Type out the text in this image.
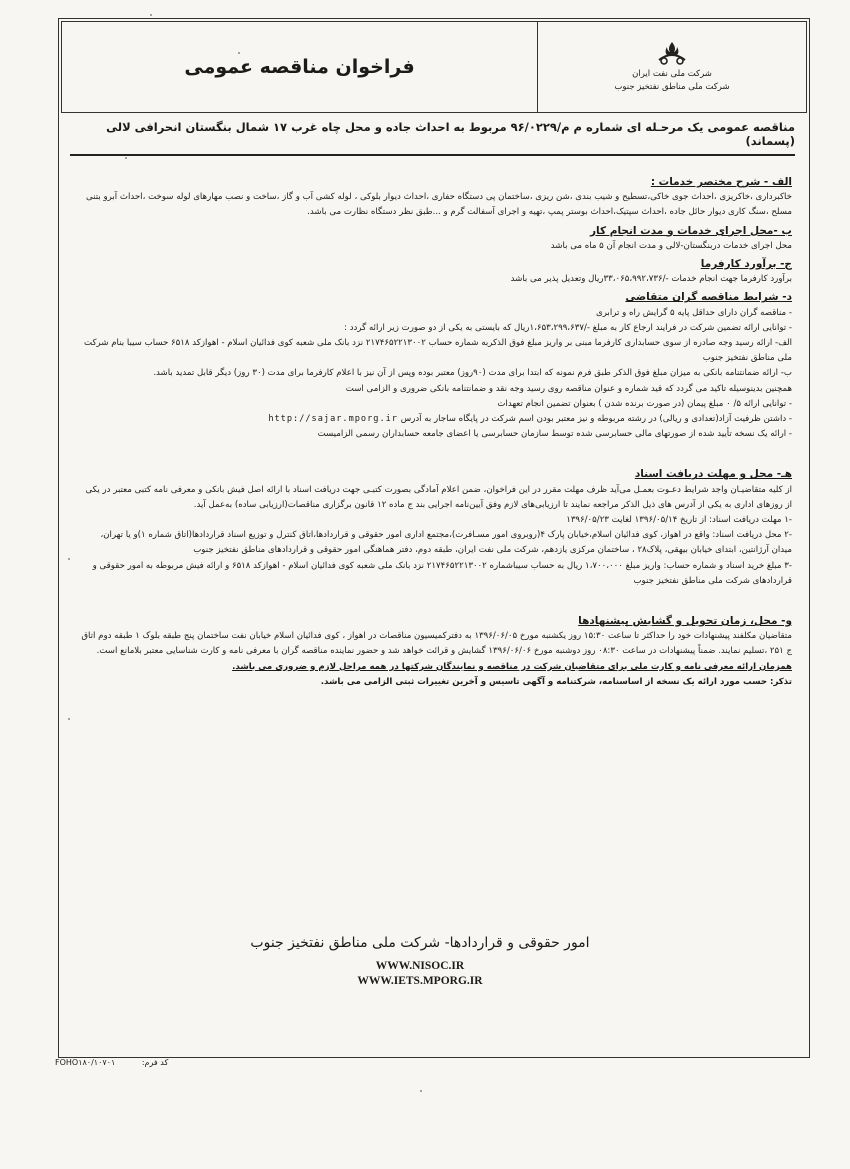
فراخوان مناقصه عمومی	شرکت ملی نفت ایران
شرکت ملی مناطق نفتخیز جنوب
مناقصه عمومی یک مرحـله ای شماره م م/۹۶/۰۲۲۹ مربوط به احداث جاده و محل چاه غرب ۱۷ شمال بنگستان انحرافی لالی (پسماند)
الف - شرح مختصر خدمات :

خاکبرداری ،خاکریزی ،احداث جوی خاکی،تسطیح و شیب بندی ،شن ریزی ،ساختمان پی دستگاه حفاری ،احداث دیوار بلوکی ، لوله کشی آب و گاز ،ساخت و نصب مهارهای لوله سوخت ،احداث آبرو بتنی مسلح ،سنگ کاری دیوار حائل جاده ،احداث سپتیک،احداث بوستر پمپ ،تهیه و اجرای آسفالت گرم و ...طبق نظر دستگاه نظارت می باشد.

ب -محل اجرای خدمات و مدت انجام کار

محل اجرای خدمات دربنگستان-لالی و مدت انجام آن ۵ ماه می باشد

ج- برآورد کارفرما

برآورد کارفرما جهت انجام خدمات -/۳۳،۰۶۵،۹۹۲،۷۳۶ریال وتعدیل پذیر می باشد

د- شرایط مناقصه گران متقاضی

- مناقصه گران دارای حداقل پایه ۵ گرایش راه و ترابری

- توانایی ارائه تضمین شرکت در فرایند ارجاع کار به مبلغ -/۱،۶۵۳،۲۹۹،۶۳۷ریال که بایستی به یکی از دو صورت زیر ارائه گردد :

الف- ارائه رسید وجه صادره از سوی حسابداری کارفرما مبنی بر واریز مبلغ فوق الذکربه شماره حساب ۲۱۷۴۶۵۲۲۱۳۰۰۲ نزد بانک ملی شعبه کوی فدائیان اسلام - اهوازکد ۶۵۱۸ حساب سیبا بنام شرکت ملی مناطق نفتخیز جنوب

ب- ارائه ضمانتنامه بانکی به میزان مبلغ فوق الذکر طبق فرم نمونه که ابتدا برای مدت (۹۰روز) معتبر بوده وپس از آن نیز با اعلام کارفرما برای مدت (۳۰ روز) دیگر قابل تمدید باشد.

همچنین بدینوسیله تاکید می گردد که قید شماره و عنوان مناقصه روی رسید وجه نقد و ضمانتنامه بانکی ضروری و الزامی است

- توانایی ارائه ۵/ ۰ مبلغ پیمان (در صورت برنده شدن ) بعنوان تضمین انجام تعهدات

- داشتن ظرفیت آزاد(تعدادی و ریالی) در رشته مربوطه و نیز معتبر بودن اسم شرکت در پایگاه ساجار به آدرس http://sajar.mporg.ir

- ارائه یک نسخه تأیید شده از صورتهای مالی حسابرسی شده توسط سازمان حسابرسی یا اعضای جامعه حسابداران رسمی الزامیست

هـ- محل و مهلت دریافت اسناد

از کلیه متقاضیـان واجد شرایط دعـوت بعمـل می‌آید ظرف مهلت مقرر در این فراخوان، ضمن اعلام آمادگی بصورت کتبـی جهت دریافت اسناد با ارائه اصل فیش بانکی و معرفی نامه کتبی معتبر در یکی از روزهای اداری به یکی از آدرس های ذیل الذکر مراجعه نمایند تا ارزیابی‌های لازم وفق آیین‌نامه اجرایی بند ج ماده ۱۲ قانون برگزاری مناقصات(ارزیابی ساده) به‌عمل آید.

-۱ مهلت دریافت اسناد: از تاریخ ۱۳۹۶/۰۵/۱۴ لغایت ۱۳۹۶/۰۵/۲۳

-۲ محل دریافت اسناد: واقع در اهواز، کوی فدائیان اسلام،خیابان پارک ۴(روبروی امور مسـافرت)،مجتمع اداری امور حقوقی و قراردادها،اتاق کنترل و توزیع اسناد قراردادها(اتاق شماره ۱)و یا تهران، میدان آرژانتین، ابتدای خیابان بیهقی، پلاک۲۸ ، ساختمان مرکزی یازدهم، شرکت ملی نفت ایران، طبقه دوم، دفتر هماهنگی امور حقوقی و قراردادهای مناطق نفتخیز جنوب

-۳ مبلغ خرید اسناد و شماره حساب: واریز مبلغ ۱،۷۰۰،۰۰۰ ریال به حساب سیباشماره ۲۱۷۴۶۵۲۲۱۳۰۰۲ نزد بانک ملی شعبه کوی فدائیان اسلام - اهوازکد ۶۵۱۸ و ارائه فیش مربوطه به امور حقوقی و قراردادهای شرکت ملی مناطق نفتخیز جنوب

و- محل، زمان تحویل و گشایش پیشنهادها

متقاضیان مکلفند پیشنهادات خود را حداکثر تا ساعت ۱۵:۳۰ روز یکشنبه مورخ ۱۳۹۶/۰۶/۰۵ به دفترکمیسیون مناقصات در اهواز ، کوی فدائیان اسلام خیابان نفت ساختمان پنج طبقه بلوک ۱ طبقه دوم اتاق ج ۲۵۱ ،تسلیم نمایند. ضمناً پیشنهادات در ساعت ۰۸:۳۰ روز دوشنبه مورخ ۱۳۹۶/۰۶/۰۶ گشایش و قرائت خواهد شد و حضور نماینده مناقصه گران با معرفی نامه و کارت شناسایی معتبر بلامانع است.

همزمان ارائه معرفی نامه و کارت ملی برای متقاضیان شرکت در مناقصه و نمایندگان شرکتها در همه مراحل لازم و ضروری می باشد.

تذکر: حسب مورد ارائه یک نسخه از اساسنامه، شرکتنامه و آگهی تاسیس و آخرین تغییرات ثبتی الزامی می باشد.

امور حقوقی و قراردادها- شرکت ملی مناطق نفتخیز جنوب
WWW.NISOC.IR
WWW.IETS.MPORG.IR
FOHO۱۸۰/۱۰۷۰۱	کد فرم:
